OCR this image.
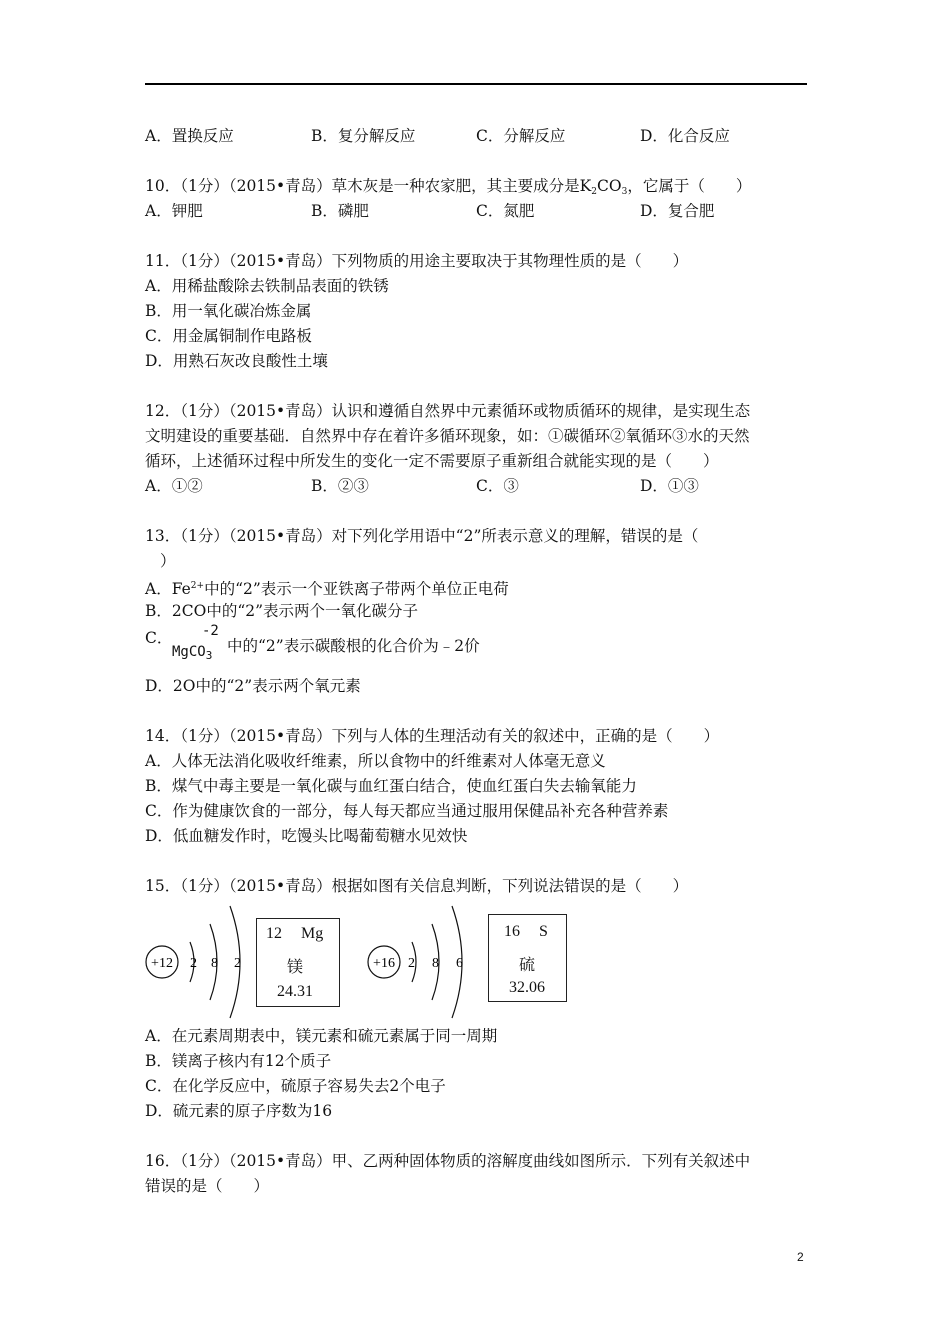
A．置换反应	B．复分解反应	C．分解反应	D．化合反应
10．（1分）（2015•青岛）草木灰是一种农家肥，其主要成分是$K_2CO_3$，它属于（　　）
A．钾肥	B．磷肥	C．氮肥	D．复合肥
11．（1分）（2015•青岛）下列物质的用途主要取决于其物理性质的是（　　）
A．用稀盐酸除去铁制品表面的铁锈
B．用一氧化碳冶炼金属
C．用金属铜制作电路板
D．用熟石灰改良酸性土壤
12．（1分）（2015•青岛）认识和遵循自然界中元素循环或物质循环的规律，是实现生态
文明建设的重要基础．自然界中存在着许多循环现象，如：①碳循环②氧循环③水的天然
循环，上述循环过程中所发生的变化一定不需要原子重新组合就能实现的是（　　）
A．①②	B．②③	C．③	D．①③
13．（1分）（2015•青岛）对下列化学用语中“2”所表示意义的理解，错误的是（
）
A．$Fe^{2+}$中的“2”表示一个亚铁离子带两个单位正电荷
B．2CO中的“2”表示两个一氧化碳分子
C． -2
MgCO$_3$
中的“2”表示碳酸根的化合价为﹣2价
D．2O中的“2”表示两个氧元素
14．（1分）（2015•青岛）下列与人体的生理活动有关的叙述中，正确的是（　　）
A．人体无法消化吸收纤维素，所以食物中的纤维素对人体毫无意义
B．煤气中毒主要是一氧化碳与血红蛋白结合，使血红蛋白失去输氧能力
C．作为健康饮食的一部分，每人每天都应当通过服用保健品补充各种营养素
D．低血糖发作时，吃馒头比喝葡萄糖水见效快
15．（1分）（2015•青岛）根据如图有关信息判断，下列说法错误的是（　　）
+12 2 8 2
12 Mg
镁
24.31
+16 2 8 6
16 S
硫
32.06
A．在元素周期表中，镁元素和硫元素属于同一周期
B．镁离子核内有12个质子
C．在化学反应中，硫原子容易失去2个电子
D．硫元素的原子序数为16
16．（1分）（2015•青岛）甲、乙两种固体物质的溶解度曲线如图所示．下列有关叙述中
错误的是（　　）
2
